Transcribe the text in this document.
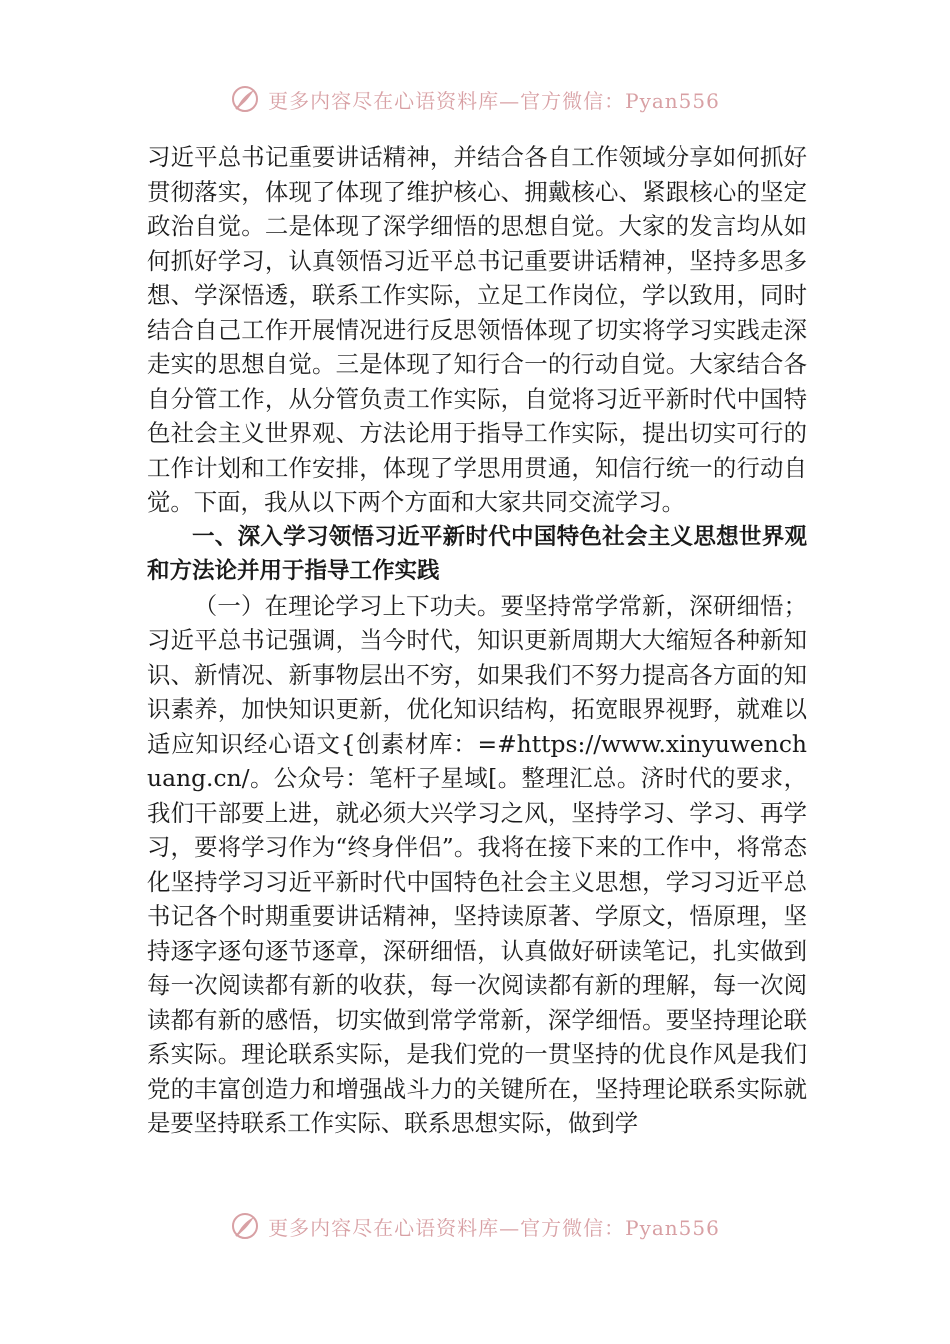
更多内容尽在心语资料库—官方微信：Pyan556

习近平总书记重要讲话精神，并结合各自工作领域分享如何抓好贯彻落实，体现了体现了维护核心、拥戴核心、紧跟核心的坚定政治自觉。二是体现了深学细悟的思想自觉。大家的发言均从如何抓好学习，认真领悟习近平总书记重要讲话精神，坚持多思多想、学深悟透，联系工作实际，立足工作岗位，学以致用，同时结合自己工作开展情况进行反思领悟体现了切实将学习实践走深走实的思想自觉。三是体现了知行合一的行动自觉。大家结合各自分管工作，从分管负责工作实际，自觉将习近平新时代中国特色社会主义世界观、方法论用于指导工作实际，提出切实可行的工作计划和工作安排，体现了学思用贯通，知信行统一的行动自觉。下面，我从以下两个方面和大家共同交流学习。

一、深入学习领悟习近平新时代中国特色社会主义思想世界观和方法论并用于指导工作实践

（一）在理论学习上下功夫。要坚持常学常新，深研细悟；习近平总书记强调，当今时代，知识更新周期大大缩短各种新知识、新情况、新事物层出不穷，如果我们不努力提高各方面的知识素养，加快知识更新，优化知识结构，拓宽眼界视野，就难以适应知识经心语文{创素材库：=#https://www.xinyuwenchuang.cn/。公众号：笔杆子星域[。整理汇总。济时代的要求，我们干部要上进，就必须大兴学习之风，坚持学习、学习、再学习，要将学习作为“终身伴侣”。我将在接下来的工作中，将常态化坚持学习习近平新时代中国特色社会主义思想，学习习近平总书记各个时期重要讲话精神，坚持读原著、学原文，悟原理，坚持逐字逐句逐节逐章，深研细悟，认真做好研读笔记，扎实做到每一次阅读都有新的收获，每一次阅读都有新的理解，每一次阅读都有新的感悟，切实做到常学常新，深学细悟。要坚持理论联系实际。理论联系实际，是我们党的一贯坚持的优良作风是我们党的丰富创造力和增强战斗力的关键所在，坚持理论联系实际就是要坚持联系工作实际、联系思想实际，做到学

更多内容尽在心语资料库—官方微信：Pyan556
